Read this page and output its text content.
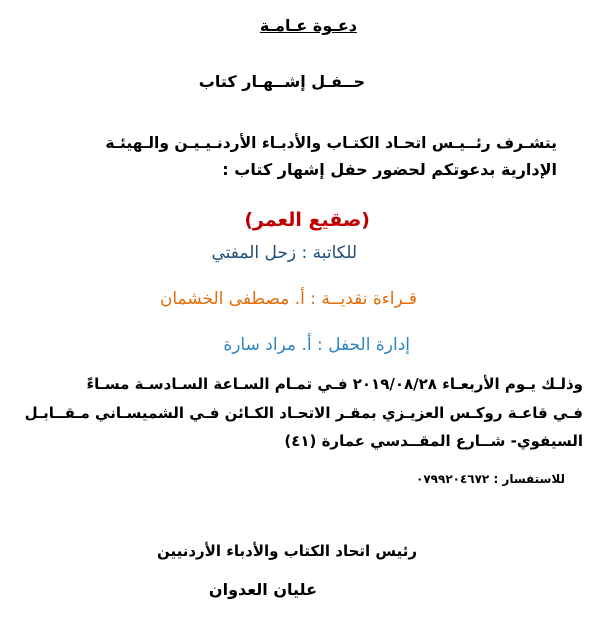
دعـوة عـامـة
حــفـل إشــهـار كتاب
يتشـرف رئــيـس اتحـاد الكتـاب والأدبـاء الأردنـيـيـن والـهيئـة
الإدارية بدعوتكم لحضور حفل إشهار كتاب :
(صقيع العمر)
للكاتبة : زحل المفتي
قـراءة نقديــة : أ. مصطفى الخشمان
إدارة الحفل : أ. مراد سارة
وذلـك يـوم الأربعـاء ٢٠١٩/٠٨/٢٨ فـي تمـام السـاعة السـادسـة مسـاءً
فـي قاعـة روكـس العزيـزي بمقـر الاتحـاد الكـائن فـي الشميسـاني مـقــابـل
السيفوي- شــارع المقــدسي عمارة (٤١)
للاستفسار : ٠٧٩٩٢٠٤٦٧٢
رئيس اتحاد الكتاب والأدباء الأردنيين
عليان العدوان
